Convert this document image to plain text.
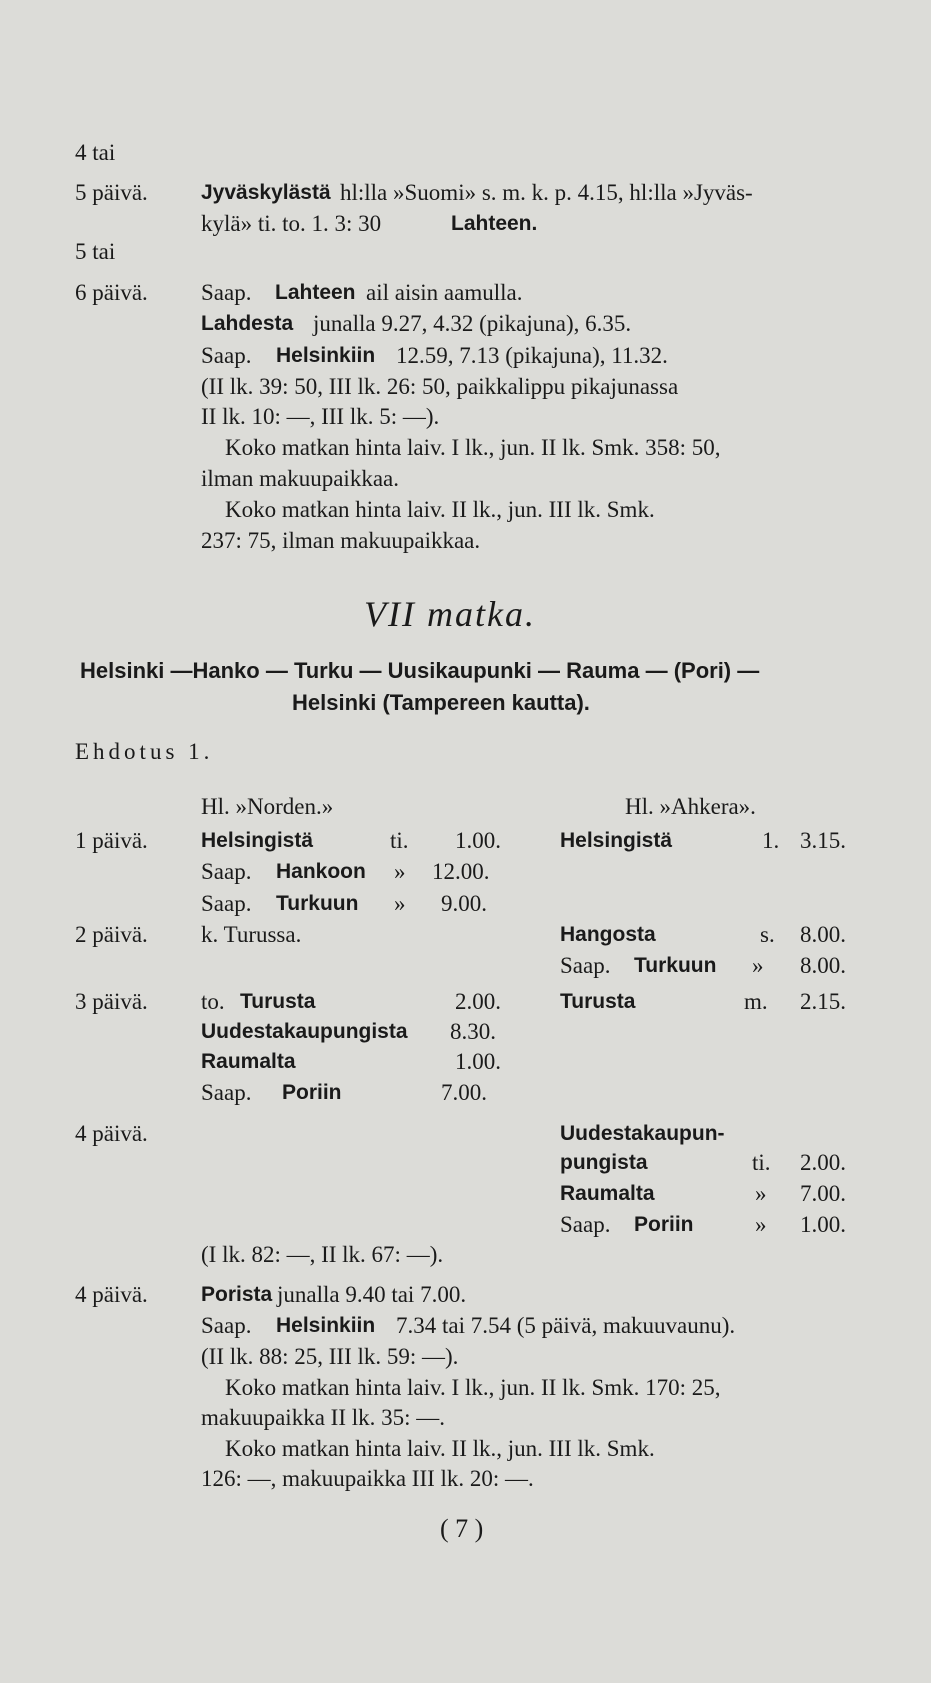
4 tai
5 päivä.	Jyväskylästä hl:lla »Suomi» s. m. k. p. 4.15, hl:lla »Jyväs-
kylä» ti. to. 1. 3: 30	Lahteen.
5 tai
6 päivä. Saap. Lahteen ail aisin aamulla.
Lahdesta junalla 9.27, 4.32 (pikajuna), 6.35.
Saap. Helsinkiin 12.59, 7.13 (pikajuna), 11.32.
(II lk. 39: 50, III lk. 26: 50, paikkalippu pikajunassa
II lk. 10: —, III lk. 5: —).
Koko matkan hinta laiv. I lk., jun. II lk. Smk. 358: 50,
ilman makuupaikkaa.
Koko matkan hinta laiv. II lk., jun. III lk. Smk.
237: 75, ilman makuupaikkaa.
VII matka.
Helsinki —Hanko — Turku — Uusikaupunki — Rauma — (Pori) —
Helsinki (Tampereen kautta).
Ehdotus 1.
Hl. »Norden.»	Hl. »Ahkera».
1 päivä.	Helsingistä	ti. 1.00.	Helsingistä	1. 3.15.
Saap. Hankoon » 12.00.
Saap. Turkuun » 9.00.
2 päivä. k. Turussa.	Hangosta	s. 8.00.
Saap. Turkuun » 8.00.
3 päivä. to. Turusta	2.00.	Turusta	m. 2.15.
Uudestakaupungista 8.30.
Raumalta	1.00.
Saap. Poriin	7.00.
4 päivä.	Uudestakaupun-
pungista	ti. 2.00.
Raumalta	» 7.00.
Saap. Poriin	» 1.00.
(I lk. 82: —, II lk. 67: —).
4 päivä.	Porista junalla 9.40 tai 7.00.
Saap. Helsinkiin 7.34 tai 7.54 (5 päivä, makuuvaunu).
(II lk. 88: 25, III lk. 59: —).
Koko matkan hinta laiv. I lk., jun. II lk. Smk. 170: 25,
makuupaikka II lk. 35: —.
Koko matkan hinta laiv. II lk., jun. III lk. Smk.
126: —, makuupaikka III lk. 20: —.
( 7 )
